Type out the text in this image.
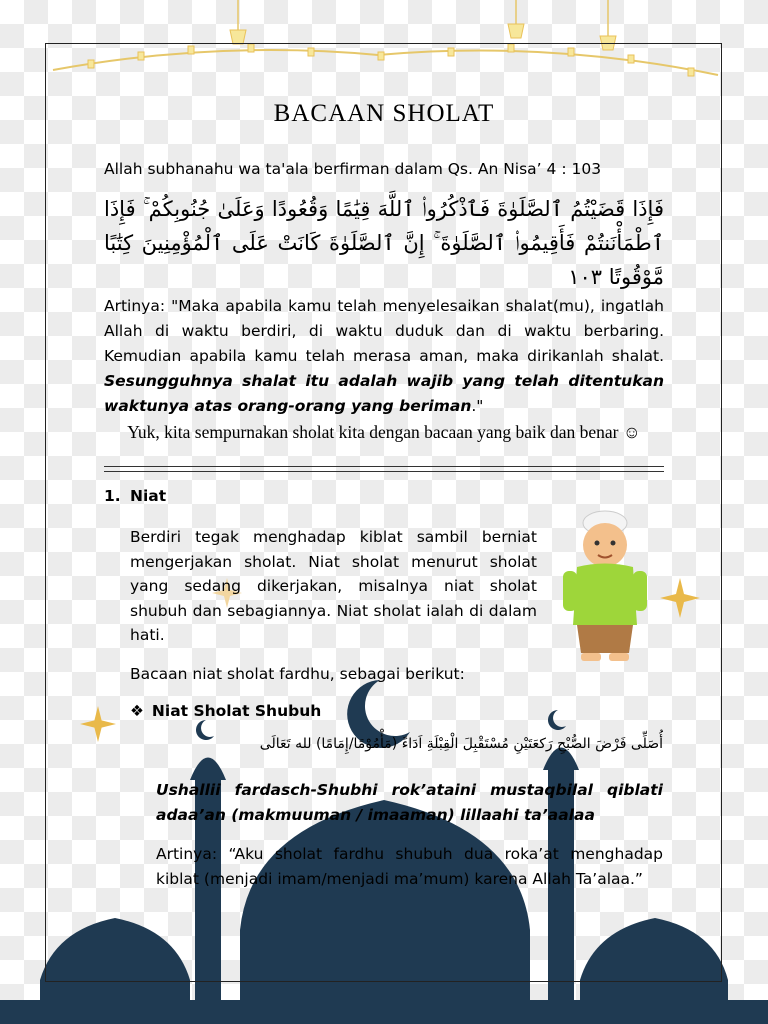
BACAAN SHOLAT
Allah subhanahu wa ta'ala berfirman dalam Qs. An Nisa’ 4 : 103
فَإِذَا قَضَيْتُمُ ٱلصَّلَوٰةَ فَٱذْكُرُوا۟ ٱللَّهَ قِيَٰمًا وَقُعُودًا وَعَلَىٰ جُنُوبِكُمْ ۚ فَإِذَا ٱطْمَأْنَنتُمْ فَأَقِيمُوا۟ ٱلصَّلَوٰةَ ۚ إِنَّ ٱلصَّلَوٰةَ كَانَتْ عَلَى ٱلْمُؤْمِنِينَ كِتَٰبًا مَّوْقُوتًا ١٠٣
Artinya: "Maka apabila kamu telah menyelesaikan shalat(mu), ingatlah Allah di waktu berdiri, di waktu duduk dan di waktu berbaring. Kemudian apabila kamu telah merasa aman, maka dirikanlah shalat. Sesungguhnya shalat itu adalah wajib yang telah ditentukan waktunya atas orang-orang yang beriman."
Yuk, kita sempurnakan sholat kita dengan bacaan yang baik dan benar ☺
1. Niat
Berdiri tegak menghadap kiblat sambil berniat mengerjakan sholat. Niat sholat menurut sholat yang sedang dikerjakan, misalnya niat sholat shubuh dan sebagiannya. Niat sholat ialah di dalam hati.
Bacaan niat sholat fardhu, sebagai berikut:
❖ Niat Sholat Shubuh
أُصَلِّى فَرْضَ الصُّبْحِ رَكعَتَيْنِ مُسْتَقْبِلَ الْقِبْلَةِ اَدَاءً (مَأْمُوْمًا/إِمَامًا) لله تَعَالَى
Ushallii fardasch-Shubhi rok’ataini mustaqbilal qiblati adaa’an (makmuuman / imaaman) lillaahi ta’aalaa
Artinya: “Aku sholat fardhu shubuh dua roka’at menghadap kiblat (menjadi imam/menjadi ma’mum) karena Allah Ta’alaa.”
